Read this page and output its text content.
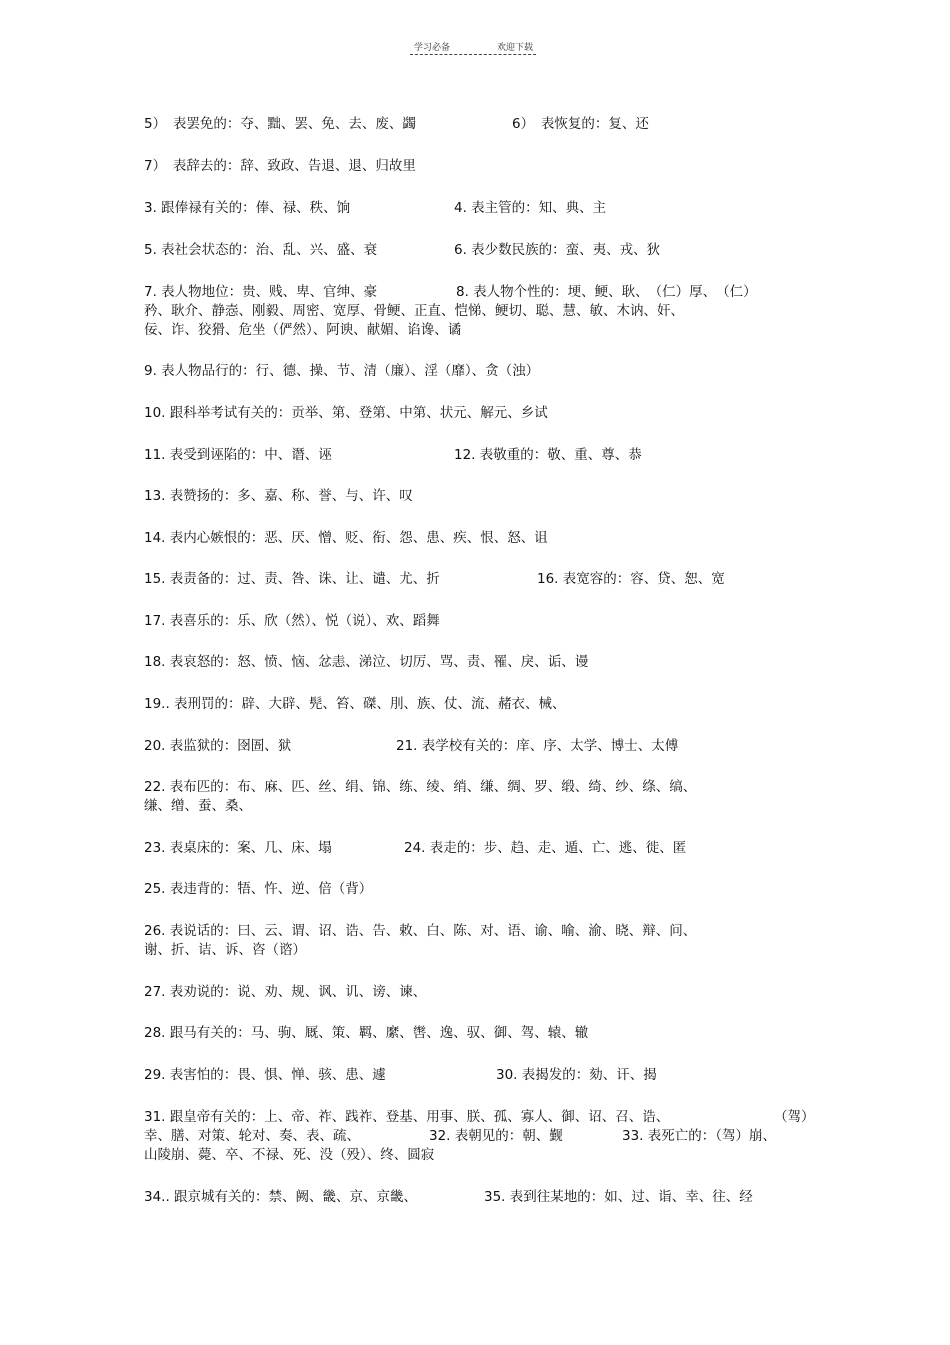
学习必备	欢迎下载
5）　表罢免的：夺、黜、罢、免、去、废、蠲	6）　表恢复的：复、还
7）　表辞去的：辞、致政、告退、退、归故里
3. 跟俸禄有关的：俸、禄、秩、饷	4. 表主管的：知、典、主
5. 表社会状态的：治、乱、兴、盛、衰	6. 表少数民族的：蛮、夷、戎、狄
7. 表人物地位：贵、贱、卑、官绅、豪	8. 表人物个性的：埂、鲠、耿、　（仁）厚、　（仁）
矜、耿介、静悫、刚毅、周密、宽厚、骨鲠、正直、恺悌、鲠切、聪、慧、敏、木讷、奸、
佞、诈、狡猾、危坐（俨然）、阿谀、献媚、谄谗、谲
9. 表人物品行的：行、德、操、节、清（廉）、淫（靡）、贪（浊）
10. 跟科举考试有关的：贡举、第、登第、中第、状元、解元、乡试
11. 表受到诬陷的：中、谮、诬	12. 表敬重的：敬、重、尊、恭
13. 表赞扬的：多、嘉、称、誉、与、许、叹
14. 表内心嫉恨的：恶、厌、憎、贬、衔、怨、患、疾、恨、怒、诅
15. 表责备的：过、责、咎、诛、让、谴、尤、折	16. 表宽容的：容、贷、恕、宽
17. 表喜乐的：乐、欣（然）、悦（说）、欢、蹈舞
18. 表哀怒的：怒、愤、恼、忿恚、涕泣、切厉、骂、责、罹、戾、诟、谩
19.. 表刑罚的：辟、大辟、髡、笞、磔、刖、族、仗、流、赭衣、械、
20. 表监狱的：囹圄、狱	21. 表学校有关的：庠、序、太学、博士、太傅
22. 表布匹的：布、麻、匹、丝、绢、锦、练、绫、绡、缣、绸、罗、缎、绮、纱、绦、缟、
缣、缯、蚕、桑、
23. 表桌床的：案、几、床、塌	24. 表走的：步、趋、走、遁、亡、逃、徙、匿
25. 表违背的：牾、忤、逆、倍（背）
26. 表说话的：曰、云、谓、诏、诰、告、敕、白、陈、对、语、谕、喻、渝、晓、辩、问、
谢、折、诘、诉、咨（谘）
27. 表劝说的：说、劝、规、讽、讥、谤、谏、
28. 跟马有关的：马、驹、厩、策、羁、縻、辔、逸、驭、御、驾、辕、辙
29. 表害怕的：畏、惧、惮、骇、患、遽	30. 表揭发的：劾、讦、揭
31. 跟皇帝有关的：上、帝、祚、践祚、登基、用事、朕、孤、寡人、御、诏、召、诰、	（驾）
幸、膳、对策、轮对、奏、表、疏、	32. 表朝见的：朝、觐	33. 表死亡的：（驾）崩、
山陵崩、薨、卒、不禄、死、没（殁）、终、圆寂
34.. 跟京城有关的：禁、阙、畿、京、京畿、	35. 表到往某地的：如、过、诣、幸、往、经
